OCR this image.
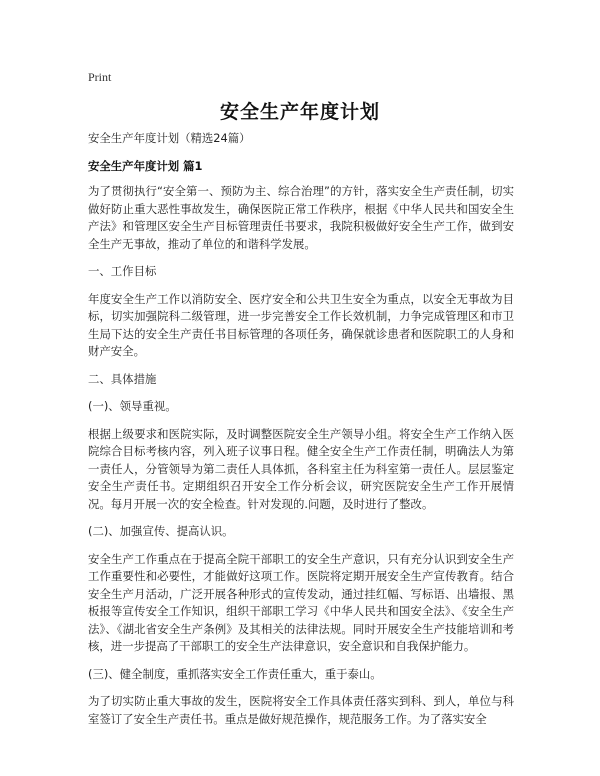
Print
安全生产年度计划

安全生产年度计划（精选24篇）

安全生产年度计划 篇1

为了贯彻执行“安全第一、预防为主、综合治理”的方针，落实安全生产责任制，切实做好防止重大恶性事故发生，确保医院正常工作秩序，根据《中华人民共和国安全生产法》和管理区安全生产目标管理责任书要求，我院积极做好安全生产工作，做到安全生产无事故，推动了单位的和谐科学发展。

一、工作目标

年度安全生产工作以消防安全、医疗安全和公共卫生安全为重点，以安全无事故为目标，切实加强院科二级管理，进一步完善安全工作长效机制，力争完成管理区和市卫生局下达的安全生产责任书目标管理的各项任务，确保就诊患者和医院职工的人身和财产安全。

二、具体措施

(一)、领导重视。

根据上级要求和医院实际，及时调整医院安全生产领导小组。将安全生产工作纳入医院综合目标考核内容，列入班子议事日程。健全安全生产工作责任制，明确法人为第一责任人，分管领导为第二责任人具体抓，各科室主任为科室第一责任人。层层鉴定安全生产责任书。定期组织召开安全工作分析会议，研究医院安全生产工作开展情况。每月开展一次的安全检查。针对发现的.问题，及时进行了整改。

(二)、加强宣传、提高认识。

安全生产工作重点在于提高全院干部职工的安全生产意识，只有充分认识到安全生产工作重要性和必要性，才能做好这项工作。医院将定期开展安全生产宣传教育。结合安全生产月活动，广泛开展各种形式的宣传发动，通过挂红幅、写标语、出墙报、黑板报等宣传安全工作知识，组织干部职工学习《中华人民共和国安全法》、《安全生产法》、《湖北省安全生产条例》及其相关的法律法规。同时开展安全生产技能培训和考核，进一步提高了干部职工的安全生产法律意识，安全意识和自我保护能力。

(三)、健全制度，重抓落实安全工作责任重大，重于泰山。

为了切实防止重大事故的发生，医院将安全工作具体责任落实到科、到人，单位与科室签订了安全生产责任书。重点是做好规范操作，规范服务工作。为了落实安全
